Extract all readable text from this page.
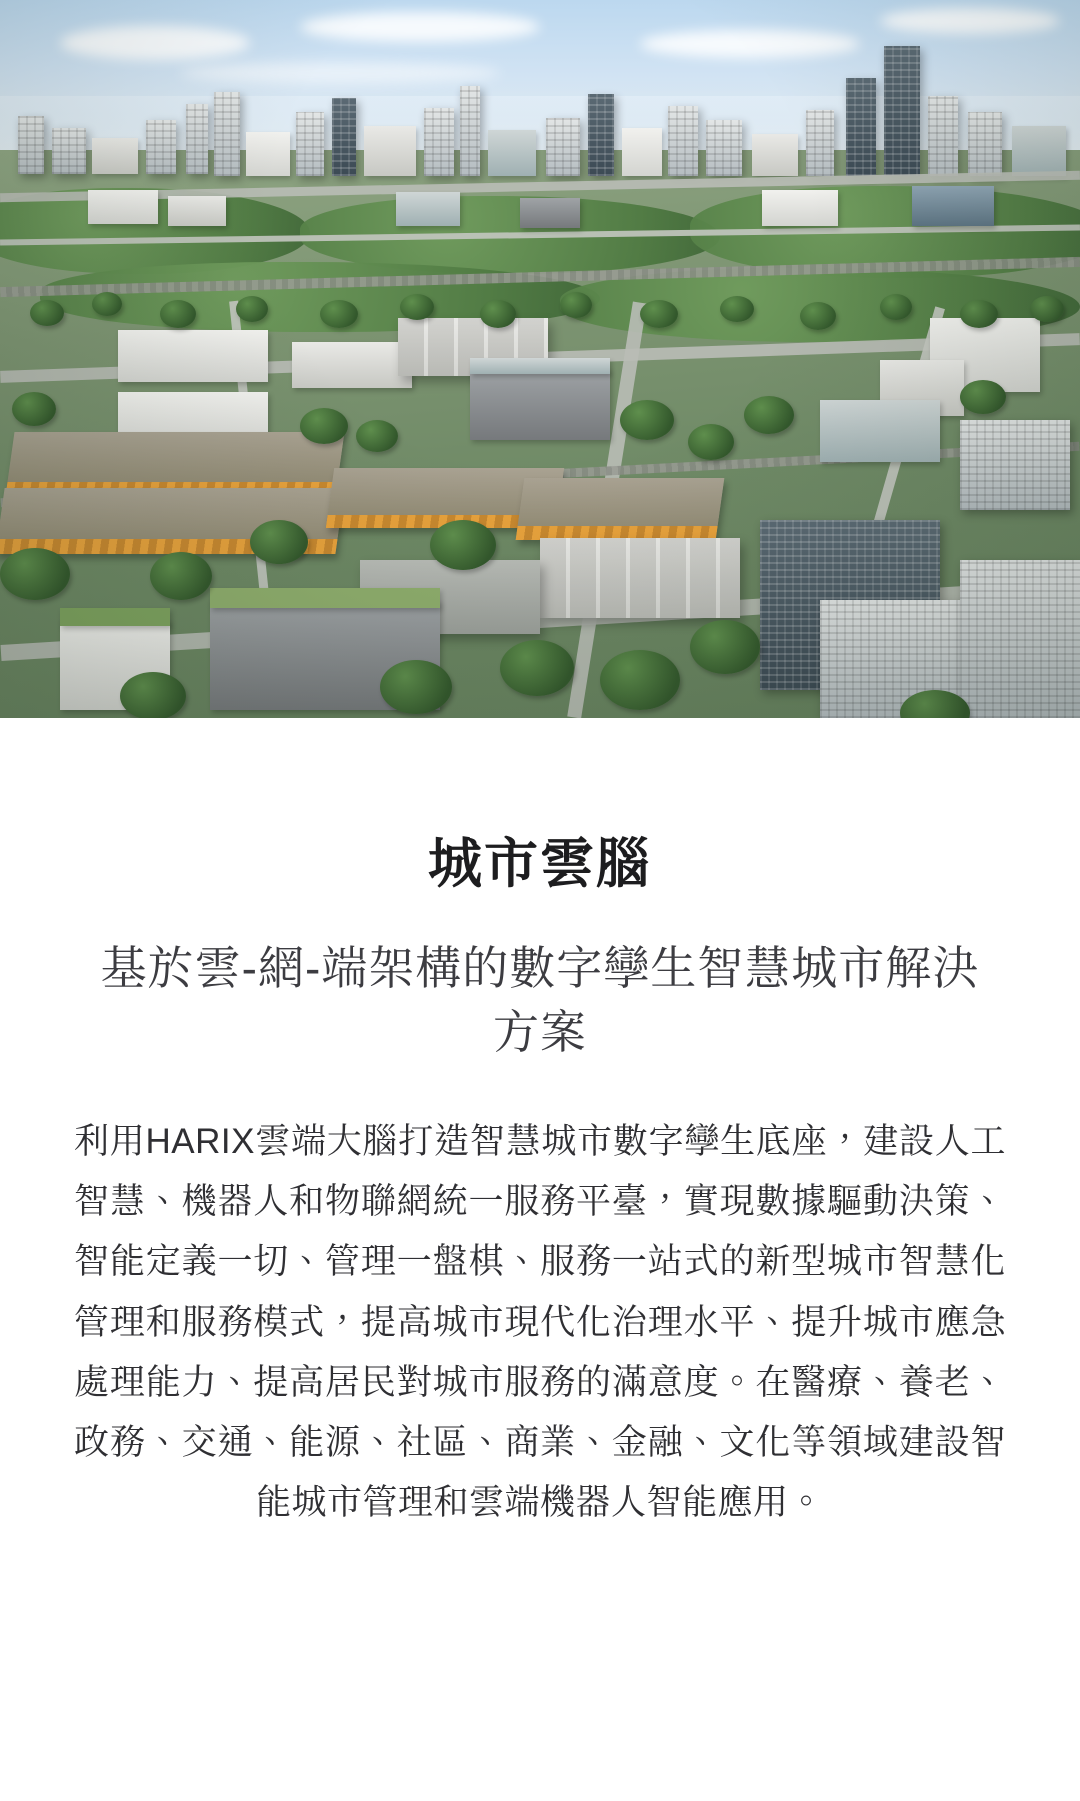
城市雲腦
基於雲-網-端架構的數字孿生智慧城市解決方案

利用HARIX雲端大腦打造智慧城市數字孿生底座，建設人工智慧、機器人和物聯網統一服務平臺，實現數據驅動決策、智能定義一切、管理一盤棋、服務一站式的新型城市智慧化管理和服務模式，提高城市現代化治理水平、提升城市應急處理能力、提高居民對城市服務的滿意度。在醫療、養老、政務、交通、能源、社區、商業、金融、文化等領域建設智能城市管理和雲端機器人智能應用。
